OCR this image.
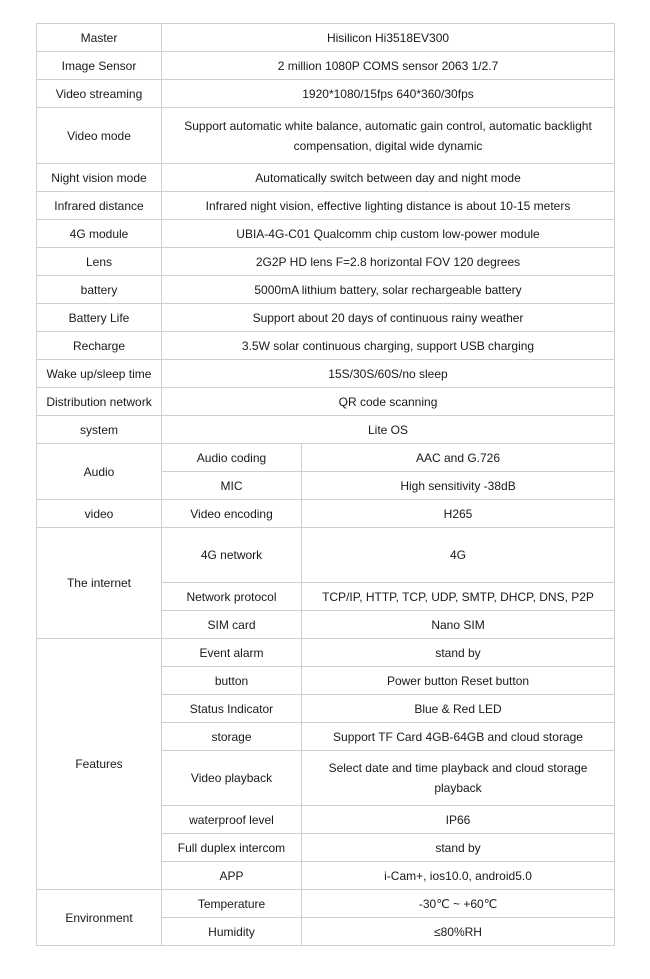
Master	Hisilicon Hi3518EV300	
Image Sensor	2 million 1080P COMS sensor 2063 1/2.7	
Video streaming	1920*1080/15fps 640*360/30fps	
Video mode	Support automatic white balance, automatic gain control, automatic backlight compensation, digital wide dynamic	
Night vision mode	Automatically switch between day and night mode	
Infrared distance	Infrared night vision, effective lighting distance is about 10-15 meters	
4G module	UBIA-4G-C01 Qualcomm chip custom low-power module	
Lens	2G2P HD lens F=2.8 horizontal FOV 120 degrees	
battery	5000mA lithium battery, solar rechargeable battery	
Battery Life	Support about 20 days of continuous rainy weather	
Recharge	3.5W solar continuous charging, support USB charging	
Wake up/sleep time	15S/30S/60S/no sleep	
Distribution network	QR code scanning	
system	Lite OS	
Audio	Audio coding	AAC and G.726
	MIC	High sensitivity -38dB
video	Video encoding	H265
The internet	4G network	4G
	Network protocol	TCP/IP, HTTP, TCP, UDP, SMTP, DHCP, DNS, P2P
	SIM card	Nano SIM
Features	Event alarm	stand by
	button	Power button Reset button
	Status Indicator	Blue & Red LED
	storage	Support TF Card 4GB-64GB and cloud storage
	Video playback	Select date and time playback and cloud storage playback
	waterproof level	IP66
	Full duplex intercom	stand by
	APP	i-Cam+, ios10.0, android5.0
Environment	Temperature	-30℃ ~ +60℃
	Humidity	≤80%RH
